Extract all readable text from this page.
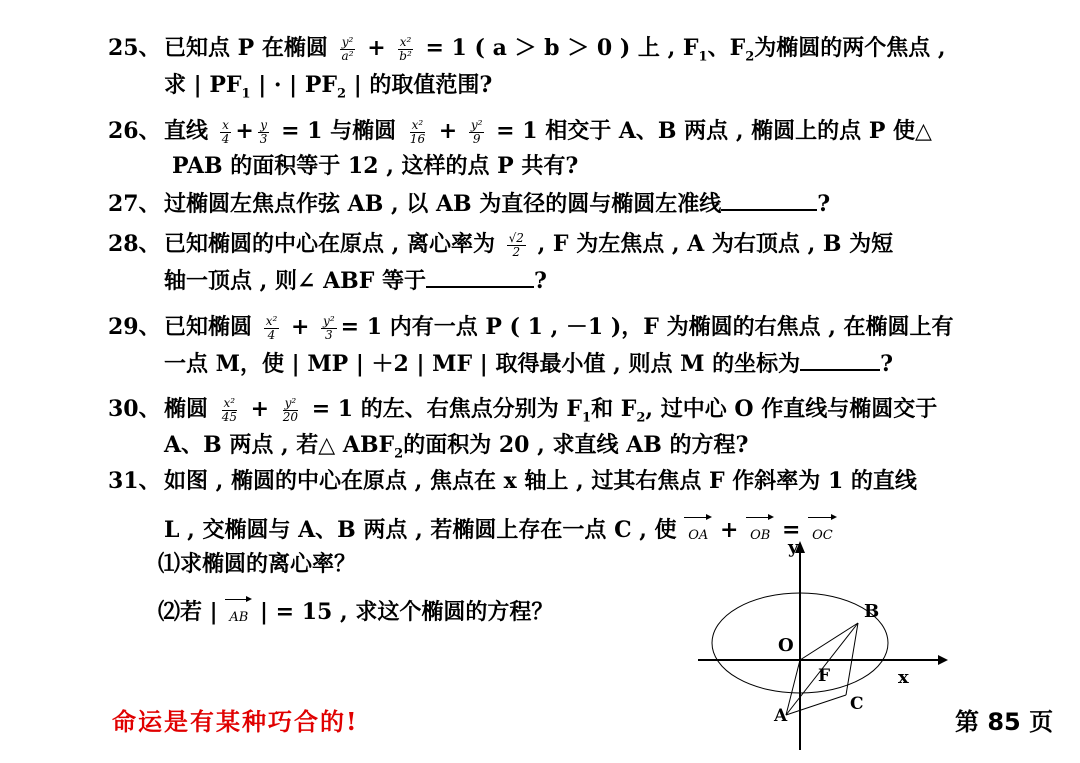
25、 已知点 P 在椭圆 $\frac{\text{y²}}{\text{a²}} + \frac{\text{x²}}{\text{b²}} = 1$ ( a ＞ b ＞ 0 ) 上 , $F_1$、$F_2$为椭圆的两个焦点 ,
求 | $PF_1$ | · | $PF_2$ | 的取值范围?
26、 直线 $\frac{x}{4} + \frac{y}{3} = 1$ 与椭圆 $\frac{\text{x²}}{16} + \frac{\text{y²}}{9} = 1$ 相交于 A、B 两点 , 椭圆上的点 P 使△
PAB 的面积等于 12 , 这样的点 P 共有?
27、 过椭圆左焦点作弦 AB , 以 AB 为直径的圆与椭圆左准线	?
28、 已知椭圆的中心在原点 , 离心率为 $\frac{√2}{2}$ , F 为左焦点 , A 为右顶点 , B 为短
轴一顶点 , 则∠ ABF 等于	?
29、 已知椭圆 $\frac{\text{x²}}{4} + \frac{\text{y²}}{3} = 1$ 内有一点 P ( 1 , －1 )，F 为椭圆的右焦点 , 在椭圆上有
一点 M，使 | MP | ＋2 | MF | 取得最小值 , 则点 M 的坐标为	?
30、 椭圆 $\frac{\text{x²}}{45} + \frac{\text{y²}}{20} = 1$ 的左、右焦点分别为 $F_1$和 $F_2$, 过中心 O 作直线与椭圆交于
A、B 两点 , 若△ $ABF_2$的面积为 20 , 求直线 AB 的方程?
31、 如图 , 椭圆的中心在原点 , 焦点在 x 轴上 , 过其右焦点 F 作斜率为 1 的直线
L , 交椭圆与 A、B 两点 , 若椭圆上存在一点 C , 使 OA + OB = OC
⑴求椭圆的离心率？
⑵若 | AB | = 15 , 求这个椭圆的方程？
y
x
O
F
A
B
C
命运是有某种巧合的!	第 85 页
